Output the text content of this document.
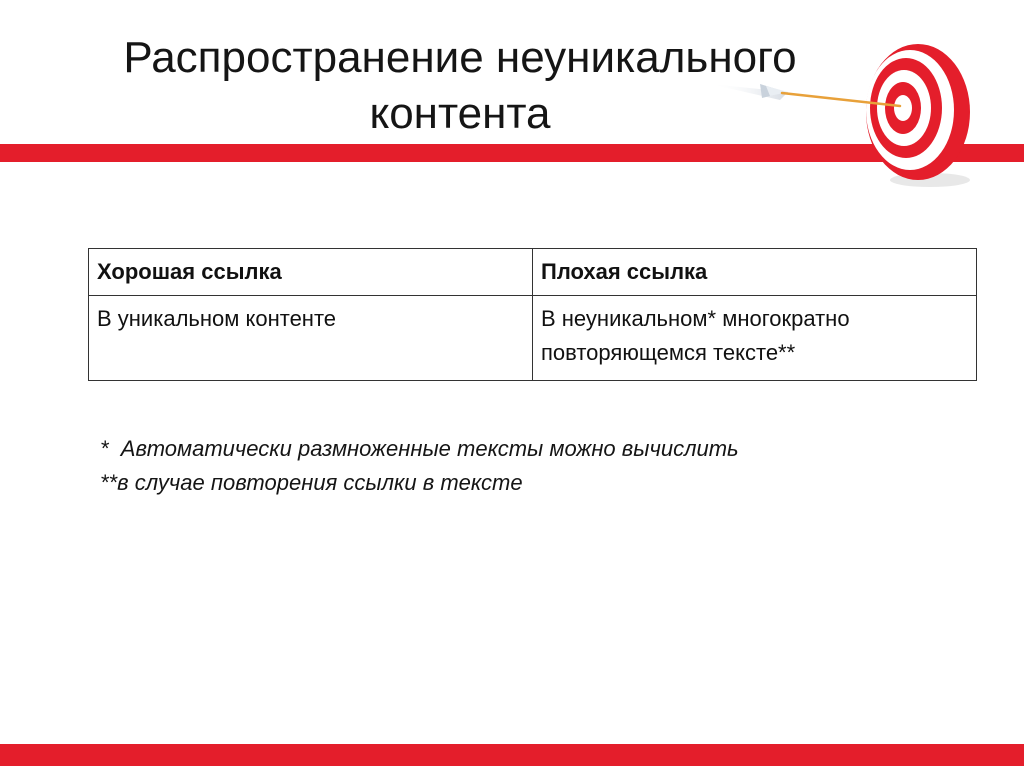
Распространение неуникального
контента
Хорошая ссылка	Плохая ссылка
В уникальном контенте	В неуникальном* многократно повторяющемся тексте**
*  Автоматически размноженные тексты можно вычислить
**в случае повторения ссылки в тексте
